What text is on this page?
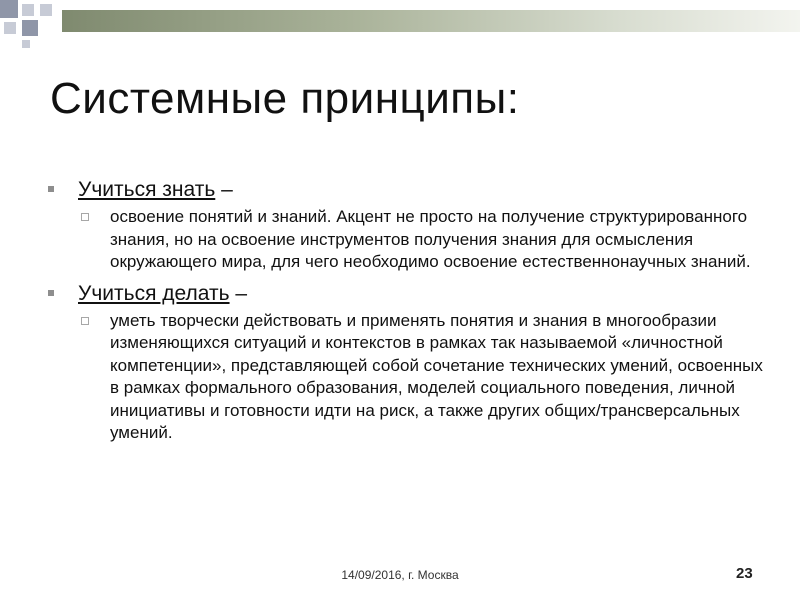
Системные принципы:
Учиться знать –
освоение понятий и знаний. Акцент не просто на получение структурированного знания, но на освоение инструментов получения знания для осмысления окружающего мира, для чего необходимо освоение естественнонаучных знаний.
Учиться делать –
уметь творчески действовать и применять понятия и знания в многообразии изменяющихся ситуаций и контекстов в рамках так называемой «личностной компетенции», представляющей собой сочетание технических умений, освоенных в рамках формального образования, моделей социального поведения, личной инициативы и готовности идти на риск, а также других общих/трансверсальных умений.
14/09/2016, г. Москва	23
